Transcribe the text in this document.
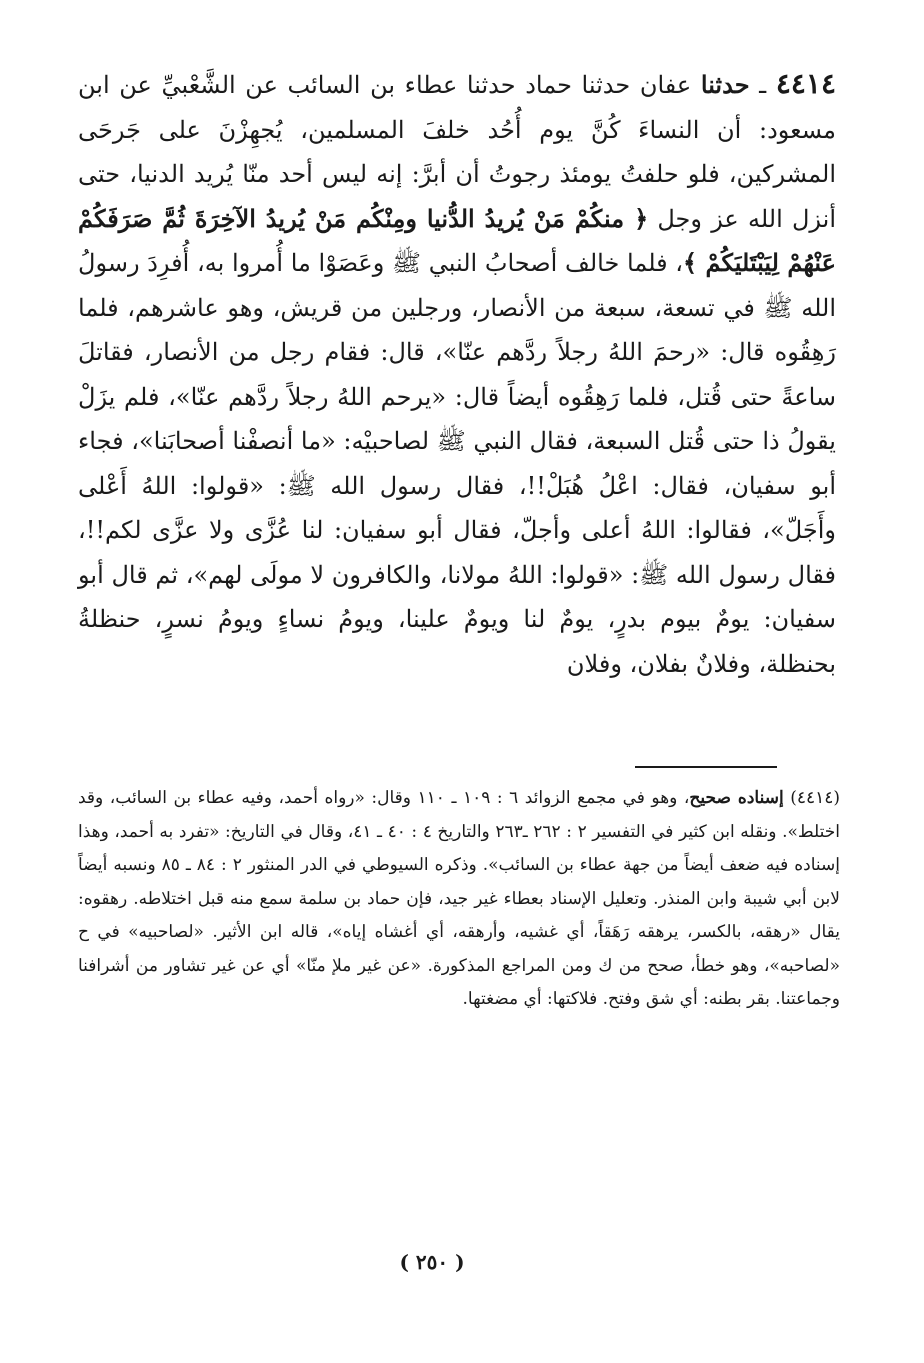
٤٤١٤ ـ حدثنا عفان حدثنا حماد حدثنا عطاء بن السائب عن الشَّعْبيِّ عن ابن مسعود: أن النساءَ كُنَّ يوم أُحُد خلفَ المسلمين، يُجهِزْنَ على جَرحَى المشركين، فلو حلفتُ يومئذ رجوتُ أن أبرَّ: إنه ليس أحد منّا يُريد الدنيا، حتى أنزل الله عز وجل ﴿ منكُمْ مَنْ يُريدُ الدُّنيا ومِنْكُم مَنْ يُريدُ الآخِرَةَ ثُمَّ صَرَفَكُمْ عَنْهُمْ لِيَبْتَليَكُمْ ﴾، فلما خالف أصحابُ النبي ﷺ وعَصَوْا ما أُمروا به، أُفرِدَ رسولُ الله ﷺ في تسعة، سبعة من الأنصار، ورجلين من قريش، وهو عاشرهم، فلما رَهِقُوه قال: «رحمَ اللهُ رجلاً ردَّهم عنّا»، قال: فقام رجل من الأنصار، فقاتلَ ساعةً حتى قُتل، فلما رَهِقُوه أيضاً قال: «يرحم اللهُ رجلاً ردَّهم عنّا»، فلم يزَلْ يقولُ ذا حتى قُتل السبعة، فقال النبي ﷺ لصاحبيْه: «ما أنصفْنا أصحابَنا»، فجاء أبو سفيان، فقال: اعْلُ هُبَلْ!!، فقال رسول الله ﷺ: «قولوا: اللهُ أَعْلى وأَجَلّ»، فقالوا: اللهُ أعلى وأجلّ، فقال أبو سفيان: لنا عُزَّى ولا عزَّى لكم!!، فقال رسول الله ﷺ: «قولوا: اللهُ مولانا، والكافرون لا مولَى لهم»، ثم قال أبو سفيان: يومٌ بيوم بدرٍ، يومٌ لنا ويومٌ علينا، ويومُ نساءٍ ويومُ نسرٍ، حنظلةُ بحنظلة، وفلانٌ بفلان، وفلان
(٤٤١٤) إسناده صحيح، وهو في مجمع الزوائد ٦ : ١٠٩ ـ ١١٠ وقال: «رواه أحمد، وفيه عطاء بن السائب، وقد اختلط». ونقله ابن كثير في التفسير ٢ : ٢٦٢ ـ٢٦٣ والتاريخ ٤ : ٤٠ ـ ٤١، وقال في التاريخ: «تفرد به أحمد، وهذا إسناده فيه ضعف أيضاً من جهة عطاء بن السائب». وذكره السيوطي في الدر المنثور ٢ : ٨٤ ـ ٨٥ ونسبه أيضاً لابن أبي شيبة وابن المنذر. وتعليل الإسناد بعطاء غير جيد، فإن حماد بن سلمة سمع منه قبل اختلاطه. رهقوه: يقال «رهقه، بالكسر، يرهقه رَهَقاً، أي غشيه، وأرهقه، أي أغشاه إياه»، قاله ابن الأثير. «لصاحبيه» في ح «لصاحبه»، وهو خطأ، صحح من ك ومن المراجع المذكورة. «عن غير ملإ منّا» أي عن غير تشاور من أشرافنا وجماعتنا. بقر بطنه: أي شق وفتح. فلاكتها: أي مضغتها.
( ٢٥٠ )
